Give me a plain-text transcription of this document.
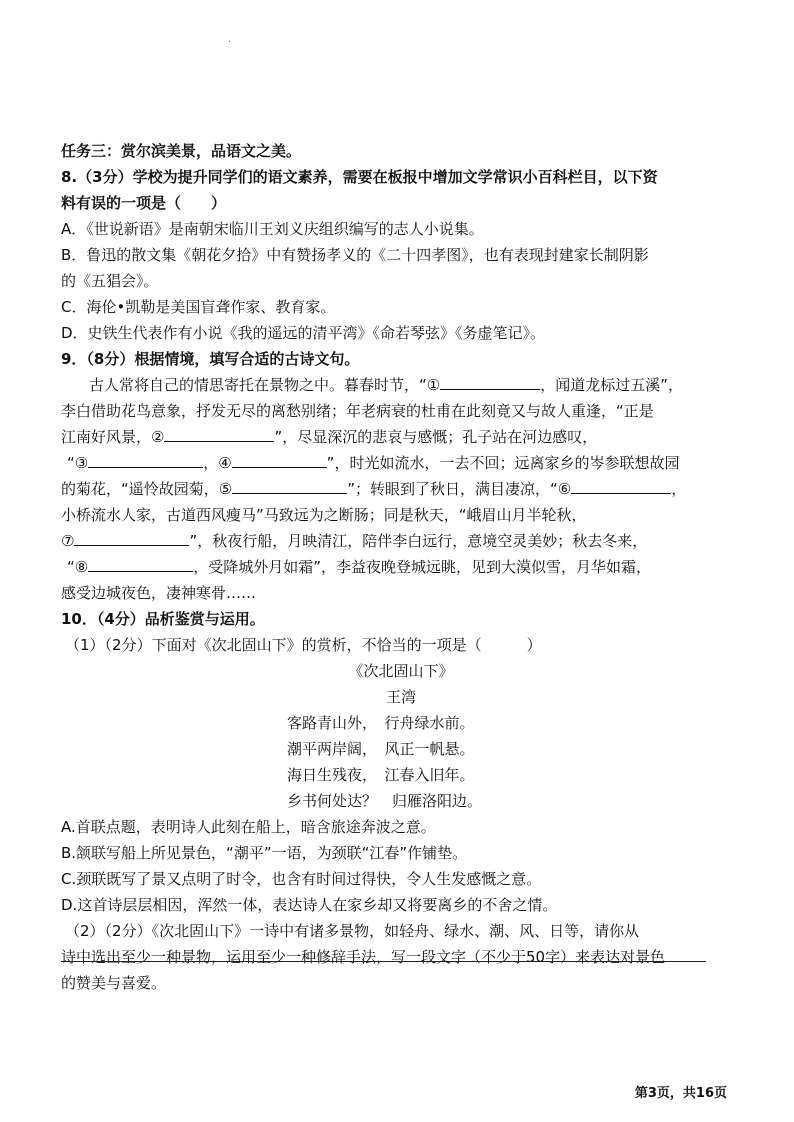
.
任务三：赏尔滨美景，品语文之美。
8.（3分）学校为提升同学们的语文素养，需要在板报中增加文学常识小百科栏目，以下资
料有误的一项是（　　）
A．《世说新语》是南朝宋临川王刘义庆组织编写的志人小说集。
B．鲁迅的散文集《朝花夕拾》中有赞扬孝义的《二十四孝图》，也有表现封建家长制阴影
的《五猖会》。
C．海伦•凯勒是美国盲聋作家、教育家。
D．史铁生代表作有小说《我的遥远的清平湾》《命若琴弦》《务虚笔记》。
9．（8分）根据情境，填写合适的古诗文句。
古人常将自己的情思寄托在景物之中。暮春时节，“①	，闻道龙标过五溪”，
李白借助花鸟意象，抒发无尽的离愁别绪；年老病衰的杜甫在此刻竟又与故人重逢，“正是
江南好风景，②	”，尽显深沉的悲哀与感慨；孔子站在河边感叹，
“③	，④	”，时光如流水，一去不回；远离家乡的岑参联想故园
的菊花，“遥怜故园菊，⑤	”；转眼到了秋日，满目凄凉，“⑥	，
小桥流水人家，古道西风瘦马”马致远为之断肠；同是秋天，“峨眉山月半轮秋，
⑦	”，秋夜行船，月映清江，陪伴李白远行，意境空灵美妙；秋去冬来，
“⑧	，受降城外月如霜”，李益夜晚登城远眺，见到大漠似雪，月华如霜，
感受边城夜色，凄神寒骨……
10．（4分）品析鉴赏与运用。
（1）（2分）下面对《次北固山下》的赏析，不恰当的一项是（　　　）
《次北固山下》
王湾
客路青山外，　行舟绿水前。
潮平两岸阔，　风正一帆悬。
海日生残夜，　江春入旧年。
乡书何处达？　归雁洛阳边。
A.首联点题，表明诗人此刻在船上，暗含旅途奔波之意。
B.颔联写船上所见景色，“潮平”一语，为颈联“江春”作铺垫。
C.颈联既写了景又点明了时令，也含有时间过得快，令人生发感慨之意。
D.这首诗层层相因，浑然一体，表达诗人在家乡却又将要离乡的不舍之情。
（2）（2分）《次北固山下》一诗中有诸多景物，如轻舟、绿水、潮、风、日等，请你从
诗中选出至少一种景物，运用至少一种修辞手法，写一段文字（不少于50字）来表达对景色
的赞美与喜爱。
第3页，共16页
